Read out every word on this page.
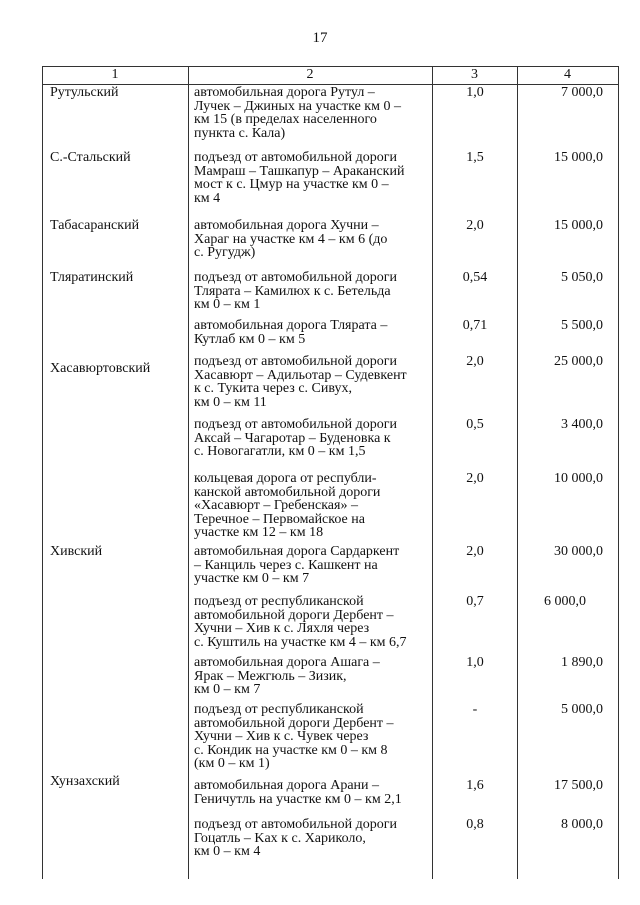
17
1	2	3	4
Рутульский	автомобильная дорога Рутул –
Лучек – Джиных на участке км 0 –
км 15 (в пределах населенного
пункта с. Кала)
1,0	7 000,0
С.-Стальский	подъезд от автомобильной дороги
Мамраш – Ташкапур – Араканский
мост к с. Цмур на участке км 0 –
км 4
1,5	15 000,0
Табасаранский	автомобильная дорога Хучни –
Хараг на участке км 4 – км 6 (до
с. Ругудж)
2,0	15 000,0
Тляратинский	подъезд от автомобильной дороги
Тлярата – Камилюх к с. Бетельда
км 0 – км 1
0,54	5 050,0
автомобильная дорога Тлярата –
Кутлаб км 0 – км 5
0,71	5 500,0
Хасавюртовский	подъезд от автомобильной дороги
Хасавюрт – Адильотар – Судевкент
к с. Тукита через с. Сивух,
км 0 – км 11
2,0	25 000,0
подъезд от автомобильной дороги
Аксай – Чагаротар – Буденовка к
с. Новогагатли, км 0 – км 1,5
0,5	3 400,0
кольцевая дорога от республи-
канской автомобильной дороги
«Хасавюрт – Гребенская» –
Теречное – Первомайское на
участке км 12 – км 18
2,0	10 000,0
Хивский	автомобильная дорога Сардаркент
– Канциль через с. Кашкент на
участке км 0 – км 7
2,0	30 000,0
подъезд от республиканской
автомобильной дороги Дербент –
Хучни – Хив к с. Ляхля через
с. Куштиль на участке км 4 – км 6,7
0,7	6 000,0
автомобильная дорога Ашага –
Ярак – Межгюль – Зизик,
км 0 – км 7
1,0	1 890,0
подъезд от республиканской
автомобильной дороги Дербент –
Хучни – Хив к с. Чувек через
с. Кондик на участке км 0 – км 8
(км 0 – км 1)
-	5 000,0
Хунзахский	автомобильная дорога Арани –
Геничутль на участке км 0 – км 2,1
1,6	17 500,0
подъезд от автомобильной дороги
Гоцатль – Kах к с. Хариколо,
км 0 – км 4
0,8	8 000,0
